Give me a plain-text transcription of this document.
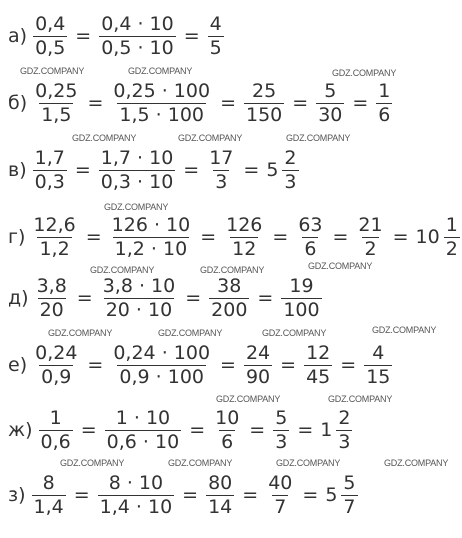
$а) \frac{0,4}{0,5} = \frac{0,4 \cdot 10}{0,5 \cdot 10} = \frac{4}{5}$
$б) \frac{0,25}{1,5} = \frac{0,25 \cdot 100}{1,5 \cdot 100} = \frac{25}{150} = \frac{5}{30} = \frac{1}{6}$
$в) \frac{1,7}{0,3} = \frac{1,7 \cdot 10}{0,3 \cdot 10} = \frac{17}{3} = 5 \frac{2}{3}$
$г) \frac{12,6}{1,2} = \frac{126 \cdot 10}{1,2 \cdot 10} = \frac{126}{12} = \frac{63}{6} = \frac{21}{2} = 10 \frac{1}{2}$
$д) \frac{3,8}{20} = \frac{3,8 \cdot 10}{20 \cdot 10} = \frac{38}{200} = \frac{19}{100}$
$е) \frac{0,24}{0,9} = \frac{0,24 \cdot 100}{0,9 \cdot 100} = \frac{24}{90} = \frac{12}{45} = \frac{4}{15}$
$ж) \frac{1}{0,6} = \frac{1 \cdot 10}{0,6 \cdot 10} = \frac{10}{6} = \frac{5}{3} = 1 \frac{2}{3}$
$з) \frac{8}{1,4} = \frac{8 \cdot 10}{1,4 \cdot 10} = \frac{80}{14} = \frac{40}{7} = 5 \frac{5}{7}$
GDZ.COMPANY	GDZ.COMPANY	GDZ.COMPANY
GDZ.COMPANY	GDZ.COMPANY	GDZ.COMPANY
GDZ.COMPANY
GDZ.COMPANY
GDZ.COMPANY	GDZ.COMPANY
GDZ.COMPANY	GDZ.COMPANY	GDZ.COMPANY	GDZ.COMPANY
GDZ.COMPANY	GDZ.COMPANY
GDZ.COMPANY	GDZ.COMPANY	GDZ.COMPANY	GDZ.COMPANY
